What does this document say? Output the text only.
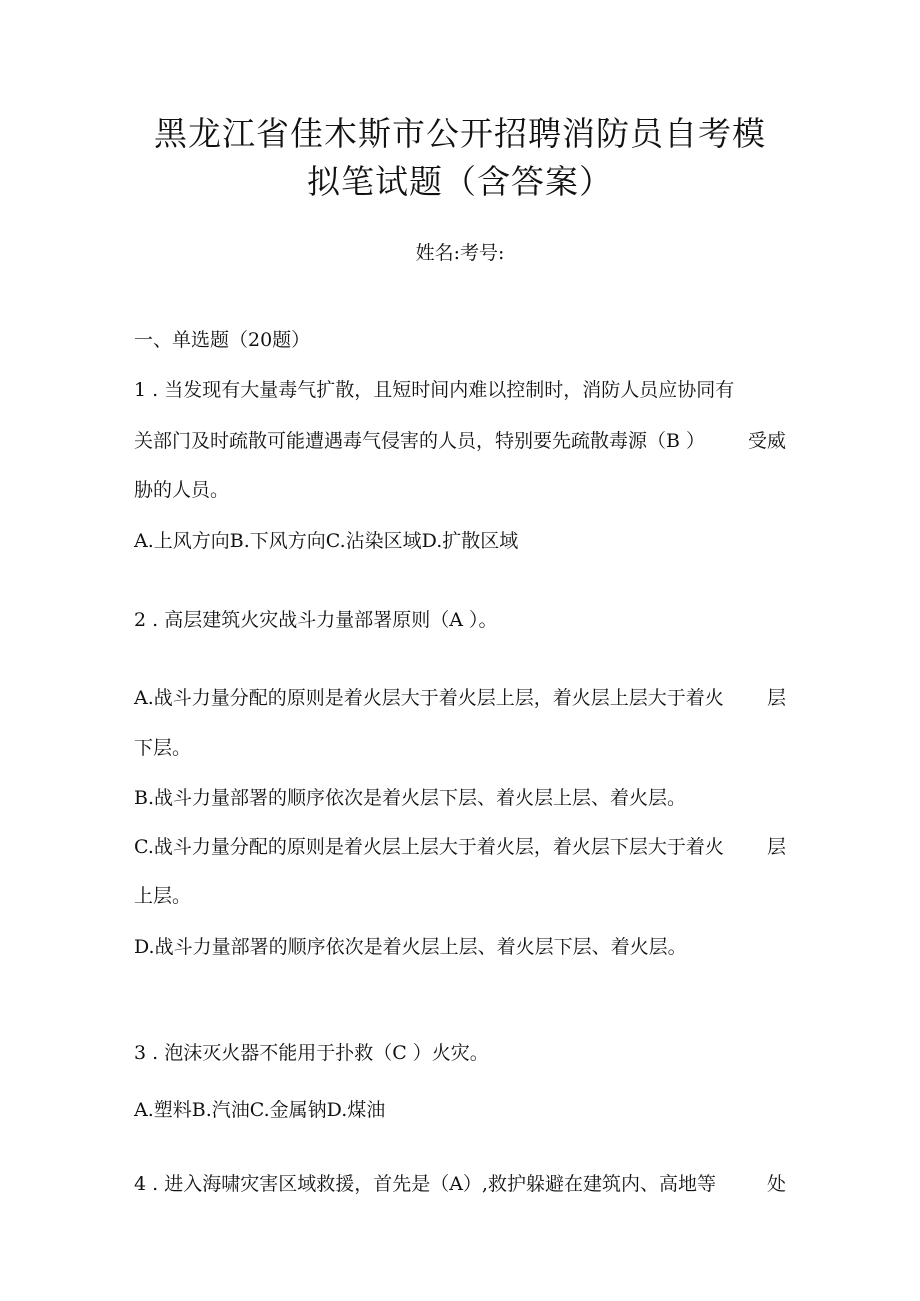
黑龙江省佳木斯市公开招聘消防员自考模
拟笔试题（含答案）
姓名:考号:
一、单选题（20题）
1 . 当发现有大量毒气扩散，且短时间内难以控制时，消防人员应协同有
关部门及时疏散可能遭遇毒气侵害的人员，特别要先疏散毒源（B ） 受威
胁的人员。
A.上风方向B.下风方向C.沾染区域D.扩散区域
2 . 高层建筑火灾战斗力量部署原则（A ）。
A.战斗力量分配的原则是着火层大于着火层上层，着火层上层大于着火 层
下层。
B.战斗力量部署的顺序依次是着火层下层、着火层上层、着火层。
C.战斗力量分配的原则是着火层上层大于着火层，着火层下层大于着火 层
上层。
D.战斗力量部署的顺序依次是着火层上层、着火层下层、着火层。
3 . 泡沫灭火器不能用于扑救（C ）火灾。
A.塑料B.汽油C.金属钠D.煤油
4 . 进入海啸灾害区域救援，首先是（A）,救护躲避在建筑内、高地等	处
